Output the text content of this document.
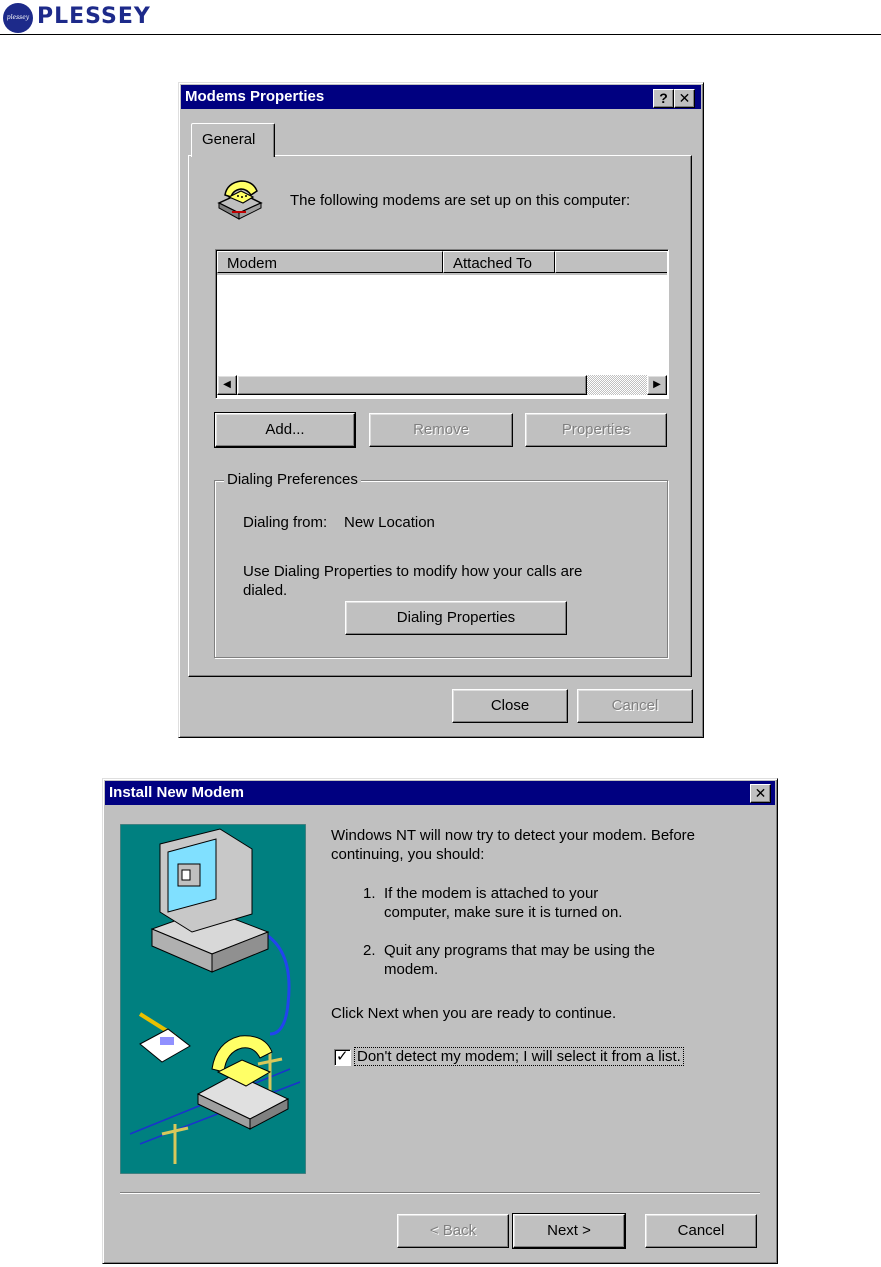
plessey PLESSEY
Modems Properties	? ✕
General
The following modems are set up on this computer:
Modem	Attached To
◀	▶
Add...	Remove	Properties
Dialing Preferences
Dialing from: New Location
Use Dialing Properties to modify how your calls are
dialed.
Dialing Properties
Close	Cancel
Install New Modem	✕
Windows NT will now try to detect your modem. Before
continuing, you should:
1. If the modem is attached to your
computer, make sure it is turned on.
2. Quit any programs that may be using the
modem.
Click Next when you are ready to continue.
✓ Don't detect my modem; I will select it from a list.
< Back	Next >	Cancel
